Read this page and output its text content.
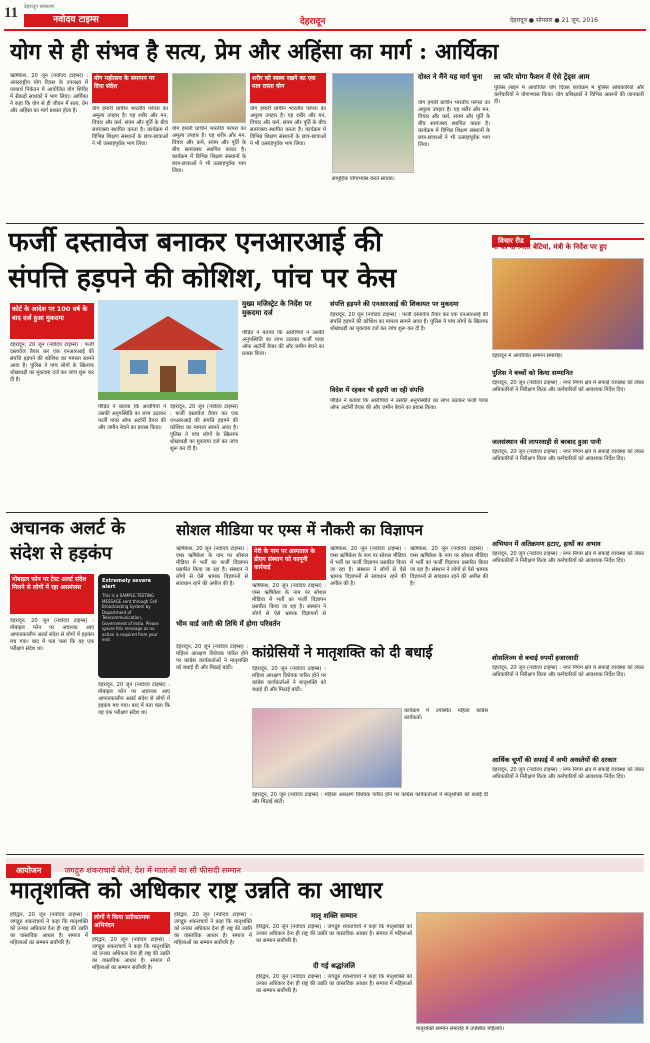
11	नवोदय टाइम्स
देहरादून संस्करण
देहरादून	देहरादून ● सोमवार ● 21 जून, 2016
योग से ही संभव है सत्य, प्रेम और अहिंसा का मार्ग : आर्यिका
ऋषिकेश, 20 जून (नवोदय टाइम्स) : अंतरराष्ट्रीय योग दिवस के उपलक्ष्य में परमार्थ निकेतन में आयोजित योग शिविर में सैकड़ों साधकों ने भाग लिया। आर्यिका ने कहा कि योग से ही जीवन में सत्य, प्रेम और अहिंसा का मार्ग प्रशस्त होता है।
योग महोत्सव के समापन पर दिया संदेश
योग हमारी प्राचीन भारतीय परंपरा का अमूल्य उपहार है। यह शरीर और मन, विचार और कर्म, संयम और पूर्ति के बीच सामंजस्य स्थापित करता है। कार्यक्रम में विभिन्न शिक्षण संस्थानों के छात्र-छात्राओं ने भी उत्साहपूर्वक भाग लिया।
योग हमारी प्राचीन भारतीय परंपरा का अमूल्य उपहार है। यह शरीर और मन, विचार और कर्म, संयम और पूर्ति के बीच सामंजस्य स्थापित करता है। कार्यक्रम में विभिन्न शिक्षण संस्थानों के छात्र-छात्राओं ने भी उत्साहपूर्वक भाग लिया।
शरीर को स्वस्थ रखने का एक मात्र रास्ता योग
योग हमारी प्राचीन भारतीय परंपरा का अमूल्य उपहार है। यह शरीर और मन, विचार और कर्म, संयम और पूर्ति के बीच सामंजस्य स्थापित करता है। कार्यक्रम में विभिन्न शिक्षण संस्थानों के छात्र-छात्राओं ने भी उत्साहपूर्वक भाग लिया।
सामूहिक योगाभ्यास करते साधक।
दोस्त ने मैंने यह मार्ग चुना
योग हमारी प्राचीन भारतीय परंपरा का अमूल्य उपहार है। यह शरीर और मन, विचार और कर्म, संयम और पूर्ति के बीच सामंजस्य स्थापित करता है। कार्यक्रम में विभिन्न शिक्षण संस्थानों के छात्र-छात्राओं ने भी उत्साहपूर्वक भाग लिया।
ला फॉर योगा फैशन में ऐसे ट्रेंड्स आम
पुलिस लाइन में आयोजित योग दिवस कार्यक्रम में पुलिस अधिकारियों और कर्मचारियों ने योगाभ्यास किया। योग प्रशिक्षकों ने विभिन्न आसनों की जानकारी दी।
फर्जी दस्तावेज बनाकर एनआरआई की
संपत्ति हड़पने की कोशिश, पांच पर केस
कोर्ट के आदेश पर 100 वर्ष के बाद दर्ज हुआ मुकदमा
देहरादून, 20 जून (नवोदय टाइम्स) : फर्जी दस्तावेज तैयार कर एक एनआरआई की संपत्ति हड़पने की कोशिश का मामला सामने आया है। पुलिस ने पांच लोगों के खिलाफ धोखाधड़ी का मुकदमा दर्ज कर जांच शुरू कर दी है।
पीड़ित ने बताया कि आरोपियों ने उसकी अनुपस्थिति का लाभ उठाकर फर्जी पावर ऑफ अटॉर्नी तैयार की और जमीन बेचने का प्रयास किया।
देहरादून, 20 जून (नवोदय टाइम्स) : फर्जी दस्तावेज तैयार कर एक एनआरआई की संपत्ति हड़पने की कोशिश का मामला सामने आया है। पुलिस ने पांच लोगों के खिलाफ धोखाधड़ी का मुकदमा दर्ज कर जांच शुरू कर दी है।
मुख्य मजिस्ट्रेट के निर्देश पर मुकदमा दर्ज
पीड़ित ने बताया कि आरोपियों ने उसकी अनुपस्थिति का लाभ उठाकर फर्जी पावर ऑफ अटॉर्नी तैयार की और जमीन बेचने का प्रयास किया।
संपत्ति हड़पने की एनआरआई की शिकायत पर मुकदमा
देहरादून, 20 जून (नवोदय टाइम्स) : फर्जी दस्तावेज तैयार कर एक एनआरआई की संपत्ति हड़पने की कोशिश का मामला सामने आया है। पुलिस ने पांच लोगों के खिलाफ धोखाधड़ी का मुकदमा दर्ज कर जांच शुरू कर दी है।
विदेश में रहकर भी हड़पी जा रही संपत्ति
पीड़ित ने बताया कि आरोपियों ने उसकी अनुपस्थिति का लाभ उठाकर फर्जी पावर ऑफ अटॉर्नी तैयार की और जमीन बेचने का प्रयास किया।
विचार रीड
मां की दो मिली बेटियां, मंत्री के निर्देश पर हुए
देहरादून में आयोजित सम्मान समारोह।
पुलिस ने बच्चों को किया सम्मानित
देहरादून, 20 जून (नवोदय टाइम्स) : नगर निगम क्षेत्र में सफाई व्यवस्था को लेकर अधिकारियों ने निरीक्षण किया और कर्मचारियों को आवश्यक निर्देश दिए।
जलसंस्थान की लापरवाही से बरबाद हुआ पानी
देहरादून, 20 जून (नवोदय टाइम्स) : नगर निगम क्षेत्र में सफाई व्यवस्था को लेकर अधिकारियों ने निरीक्षण किया और कर्मचारियों को आवश्यक निर्देश दिए।
अभियान में अतिक्रमण हटाए, हाथों का अभाव
देहरादून, 20 जून (नवोदय टाइम्स) : नगर निगम क्षेत्र में सफाई व्यवस्था को लेकर अधिकारियों ने निरीक्षण किया और कर्मचारियों को आवश्यक निर्देश दिए।
शोसलिज्म से बचाई रुपयों हजारवादी
देहरादून, 20 जून (नवोदय टाइम्स) : नगर निगम क्षेत्र में सफाई व्यवस्था को लेकर अधिकारियों ने निरीक्षण किया और कर्मचारियों को आवश्यक निर्देश दिए।
आर्थिक चूर्णों की सफाई में अभी अवस्तेयों की दरकार
देहरादून, 20 जून (नवोदय टाइम्स) : नगर निगम क्षेत्र में सफाई व्यवस्था को लेकर अधिकारियों ने निरीक्षण किया और कर्मचारियों को आवश्यक निर्देश दिए।
अचानक अलर्ट के
संदेश से हड़कंप
मोबाइल फोन पर टेस्ट अलर्ट संदेश मिलने से लोगों में रहा असमंजस
देहरादून, 20 जून (नवोदय टाइम्स) : मोबाइल फोन पर अचानक आए आपातकालीन अलर्ट संदेश से लोगों में हड़कंप मच गया। बाद में पता चला कि यह एक परीक्षण संदेश था।
Extremely severe alert
This is a SAMPLE TESTING MESSAGE sent through Cell Broadcasting System by Department of Telecommunication, Government of India. Please ignore this message as no action is required from your end.
देहरादून, 20 जून (नवोदय टाइम्स) : मोबाइल फोन पर अचानक आए आपातकालीन अलर्ट संदेश से लोगों में हड़कंप मच गया। बाद में पता चला कि यह एक परीक्षण संदेश था।
सोशल मीडिया पर एम्स में नौकरी का विज्ञापन
ऋषिकेश, 20 जून (नवोदय टाइम्स) : एम्स ऋषिकेश के नाम पर सोशल मीडिया में भर्ती का फर्जी विज्ञापन प्रसारित किया जा रहा है। संस्थान ने लोगों से ऐसे भ्रामक विज्ञापनों से सावधान रहने की अपील की है।
मेरी के नाम पर अस्पताल के डीएम संस्थान को कानूनी कार्रवाई
ऋषिकेश, 20 जून (नवोदय टाइम्स) : एम्स ऋषिकेश के नाम पर सोशल मीडिया में भर्ती का फर्जी विज्ञापन प्रसारित किया जा रहा है। संस्थान ने लोगों से ऐसे भ्रामक विज्ञापनों से
ऋषिकेश, 20 जून (नवोदय टाइम्स) : एम्स ऋषिकेश के नाम पर सोशल मीडिया में भर्ती का फर्जी विज्ञापन प्रसारित किया जा रहा है। संस्थान ने लोगों से ऐसे भ्रामक विज्ञापनों से सावधान रहने की अपील की है।
ऋषिकेश, 20 जून (नवोदय टाइम्स) : एम्स ऋषिकेश के नाम पर सोशल मीडिया में भर्ती का फर्जी विज्ञापन प्रसारित किया जा रहा है। संस्थान ने लोगों से ऐसे भ्रामक विज्ञापनों से सावधान रहने की अपील की है।
भीम वार्ड जारी की तिथि में होगा परिवर्तन
कांग्रेसियों ने मातृशक्ति को दी बधाई
देहरादून, 20 जून (नवोदय टाइम्स) : महिला आरक्षण विधेयक पारित होने पर कांग्रेस कार्यकर्ताओं ने मातृशक्ति को बधाई दी और मिठाई बांटी।	देहरादून, 20 जून (नवोदय टाइम्स) : महिला आरक्षण विधेयक पारित होने पर कांग्रेस कार्यकर्ताओं ने मातृशक्ति को बधाई दी और मिठाई बांटी।
कार्यक्रम में उपस्थित महिला कांग्रेस कार्यकर्ता।
देहरादून, 20 जून (नवोदय टाइम्स) : महिला आरक्षण विधेयक पारित होने पर कांग्रेस कार्यकर्ताओं ने मातृशक्ति को बधाई दी और मिठाई बांटी।
आयोजन	जगद्गुरु शंकराचार्य बोले, देश में माताओं का सौ फीसदी सम्मान
मातृशक्ति को अधिकार राष्ट्र उन्नति का आधार
हरिद्वार, 20 जून (नवोदय टाइम्स) : जगद्गुरु शंकराचार्य ने कहा कि मातृशक्ति को उनका अधिकार देना ही राष्ट्र की उन्नति का वास्तविक आधार है। समाज में महिलाओं का सम्मान सर्वोपरि है।
लोगों ने किया प्रतीकात्मक अभिनंदन
हरिद्वार, 20 जून (नवोदय टाइम्स) : जगद्गुरु शंकराचार्य ने कहा कि मातृशक्ति को उनका अधिकार देना ही राष्ट्र की उन्नति का वास्तविक आधार है। समाज में महिलाओं का सम्मान सर्वोपरि है।
हरिद्वार, 20 जून (नवोदय टाइम्स) : जगद्गुरु शंकराचार्य ने कहा कि मातृशक्ति को उनका अधिकार देना ही राष्ट्र की उन्नति का वास्तविक आधार है। समाज में महिलाओं का सम्मान सर्वोपरि है।
मातृ शक्ति सम्मान
हरिद्वार, 20 जून (नवोदय टाइम्स) : जगद्गुरु शंकराचार्य ने कहा कि मातृशक्ति को उनका अधिकार देना ही राष्ट्र की उन्नति का वास्तविक आधार है। समाज में महिलाओं का सम्मान सर्वोपरि है।
दी गई श्रद्धांजलि
हरिद्वार, 20 जून (नवोदय टाइम्स) : जगद्गुरु शंकराचार्य ने कहा कि मातृशक्ति को उनका अधिकार देना ही राष्ट्र की उन्नति का वास्तविक आधार है। समाज में महिलाओं का सम्मान सर्वोपरि है।
मातृशक्ति सम्मान समारोह में उपस्थित महिलाएं।
